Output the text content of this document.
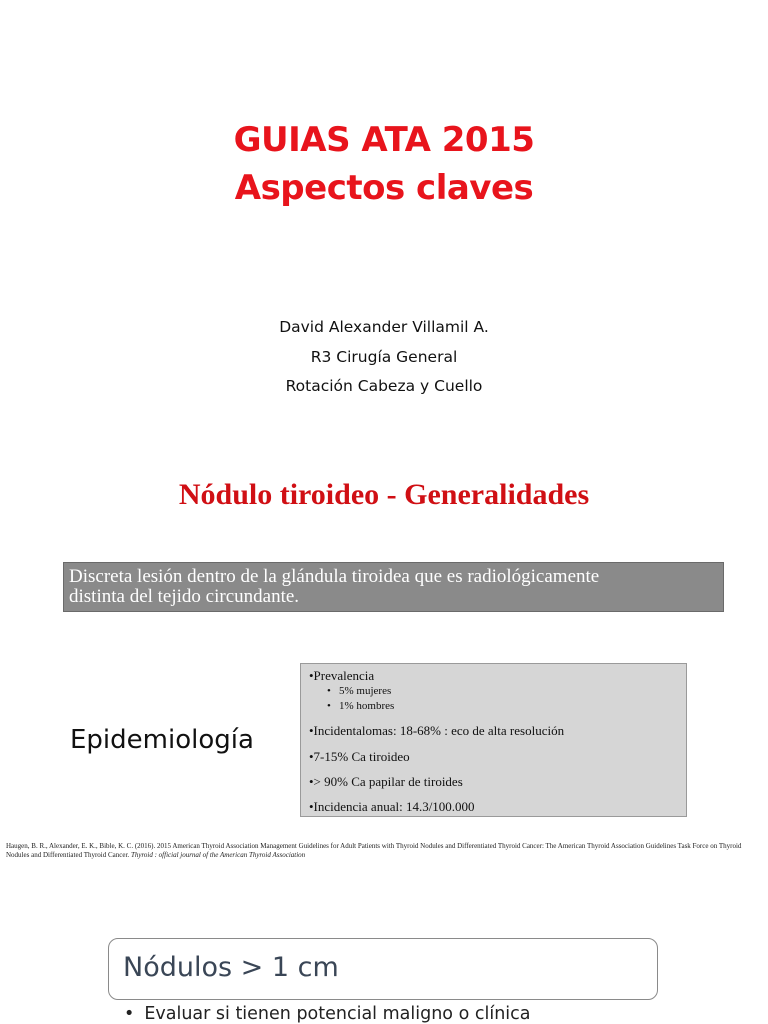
GUIAS ATA 2015
Aspectos claves
David Alexander Villamil A.
R3 Cirugía General
Rotación Cabeza y Cuello
Nódulo tiroideo - Generalidades
Discreta lesión dentro de la glándula tiroidea que es radiológicamente
distinta del tejido circundante.
Epidemiología
•Prevalencia
• 5% mujeres
• 1% hombres
•Incidentalomas: 18-68% : eco de alta resolución
•7-15% Ca tiroideo
•> 90% Ca papilar de tiroides
•Incidencia anual: 14.3/100.000
Haugen, B. R., Alexander, E. K., Bible, K. C. (2016). 2015 American Thyroid Association Management Guidelines for Adult Patients with Thyroid Nodules and Differentiated Thyroid Cancer: The American Thyroid Association Guidelines Task Force on Thyroid Nodules and Differentiated Thyroid Cancer. Thyroid : official journal of the American Thyroid Association
Nódulos > 1 cm
• Evaluar si tienen potencial maligno o clínica
